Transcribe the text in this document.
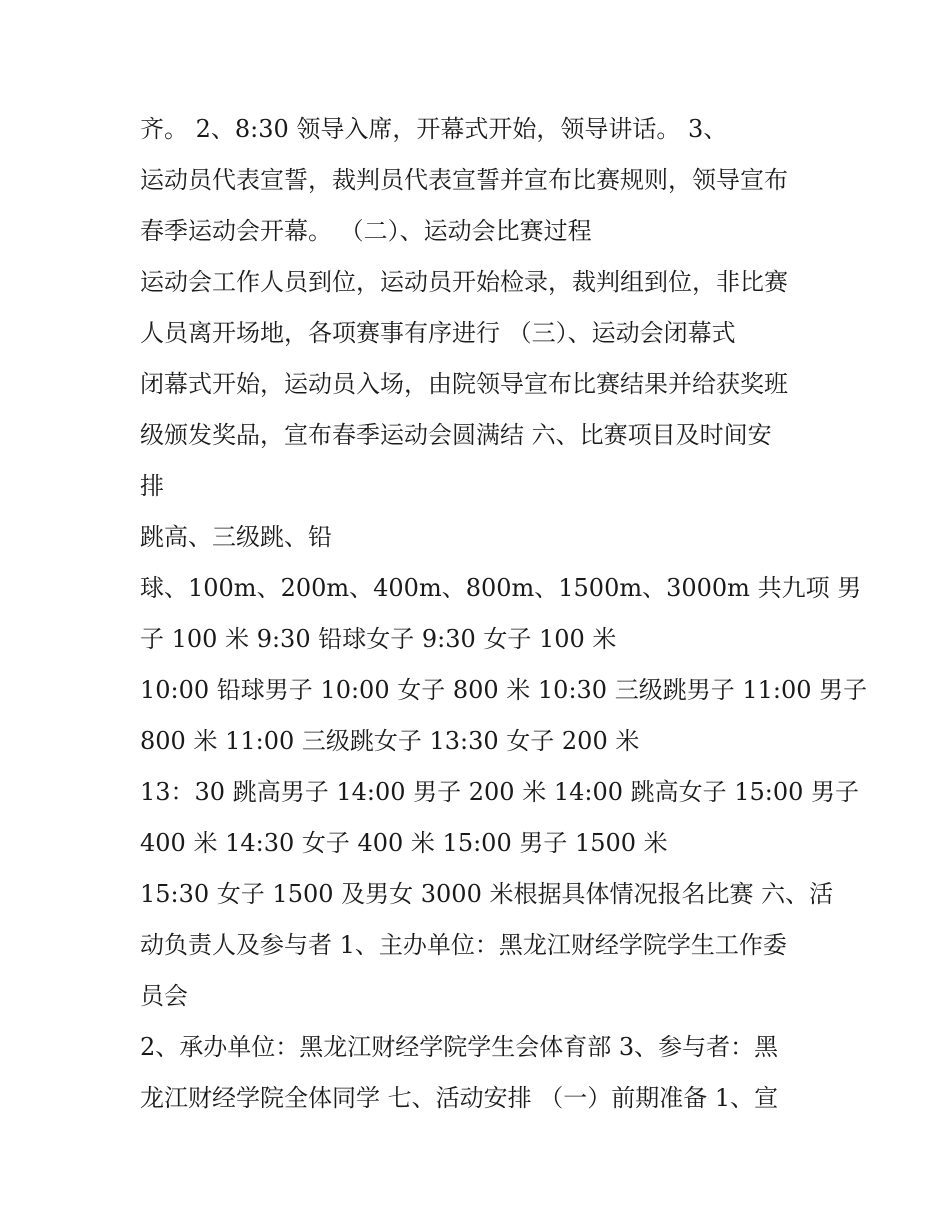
齐。 2、8:30 领导入席，开幕式开始，领导讲话。 3、
运动员代表宣誓，裁判员代表宣誓并宣布比赛规则，领导宣布
春季运动会开幕。 （二）、运动会比赛过程
运动会工作人员到位，运动员开始检录，裁判组到位，非比赛
人员离开场地，各项赛事有序进行 （三）、运动会闭幕式
闭幕式开始，运动员入场，由院领导宣布比赛结果并给获奖班
级颁发奖品，宣布春季运动会圆满结 六、比赛项目及时间安
排
跳高、三级跳、铅
球、100m、200m、400m、800m、1500m、3000m 共九项 男
子 100 米 9:30 铅球女子 9:30 女子 100 米
10:00 铅球男子 10:00 女子 800 米 10:30 三级跳男子 11:00 男子
800 米 11:00 三级跳女子 13:30 女子 200 米
13：30 跳高男子 14:00 男子 200 米 14:00 跳高女子 15:00 男子
400 米 14:30 女子 400 米 15:00 男子 1500 米
15:30 女子 1500 及男女 3000 米根据具体情况报名比赛 六、活
动负责人及参与者 1、主办单位：黑龙江财经学院学生工作委
员会
2、承办单位：黑龙江财经学院学生会体育部 3、参与者：黑
龙江财经学院全体同学 七、活动安排 （一）前期准备 1、宣
